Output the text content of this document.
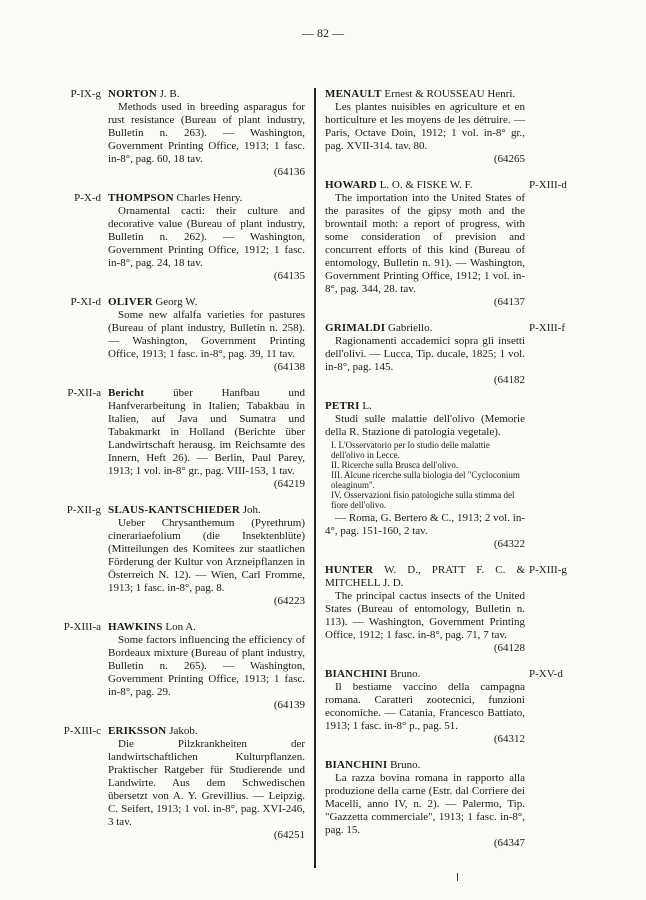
— 82 —
P-IX-g NORTON J. B.
Methods used in breeding asparagus for rust resistance (Bureau of plant industry, Bulletin n. 263). — Washington, Government Printing Office, 1913; 1 fasc. in-8°, pag. 60, 18 tav.
(64136
P-X-d THOMPSON Charles Henry.
Ornamental cacti: their culture and decorative value (Bureau of plant industry, Bulletin n. 262). — Washington, Government Printing Office, 1912; 1 fasc. in-8°, pag. 24, 18 tav.
(64135
P-XI-d OLIVER Georg W.
Some new alfalfa varieties for pastures (Bureau of plant industry, Bulletin n. 258). — Washington, Government Printing Office, 1913; 1 fasc. in-8°, pag. 39, 11 tav.
(64138
P-XII-a Bericht über Hanfbau und Hanfverarbeitung in Italien; Tabakbau in Italien, auf Java und Sumatra und Tabakmarkt in Holland (Berichte über Landwirtschaft herausg. im Reichsamte des Innern, Heft 26). — Berlin, Paul Parey, 1913; 1 vol. in-8° gr., pag. VIII-153, 1 tav.
(64219
P-XII-g SLAUS-KANTSCHIEDER Joh.
Ueber Chrysanthemum (Pyrethrum) cinerariaefolium (die Insektenblüte) (Mitteilungen des Komitees zur staatlichen Förderung der Kultur von Arzneipflanzen in Österreich N. 12). — Wien, Carl Fromme, 1913; 1 fasc. in-8°, pag. 8.
(64223
P-XIII-a HAWKINS Lon A.
Some factors influencing the efficiency of Bordeaux mixture (Bureau of plant industry, Bulletin n. 265). — Washington, Government Printing Office, 1913; 1 fasc. in-8°, pag. 29.
(64139
P-XIII-c ERIKSSON Jakob.
Die Pilzkrankheiten der landwirtschaftlichen Kulturpflanzen. Praktischer Ratgeber für Studierende und Landwirte. Aus dem Schwedischen übersetzt von A. Y. Grevillius. — Leipzig. C. Seifert, 1913; 1 vol. in-8°, pag. XVI-246, 3 tav.
(64251
MENAULT Ernest & ROUSSEAU Henri.
Les plantes nuisibles en agriculture et en horticulture et les moyens de les détruire. — Paris, Octave Doin, 1912; 1 vol. in-8° gr., pag. XVII-314. tav. 80.
(64265
P-XIII-d
HOWARD L. O. & FISKE W. F.
The importation into the United States of the parasites of the gipsy moth and the browntail moth: a report of progress, with some consideration of prevision and concurrent efforts of this kind (Bureau of entomology, Bulletin n. 91). — Washington, Government Printing Office, 1912; 1 vol. in-8°, pag. 344, 28. tav.
(64137
P-XIII-f
GRIMALDI Gabriello.
Ragionamenti accademici sopra gli insetti dell'olivi. — Lucca, Tip. ducale, 1825; 1 vol. in-8°, pag. 145.
(64182
PETRI L.
Studi sulle malattie dell'olivo (Memorie della R. Stazione di patologia vegetale).
I. L'Osservatorio per lo studio delle malattie dell'olivo in Lecce.
II. Ricerche sulla Brusca dell'olivo.
III. Alcune ricerche sulla biologia del "Cycloconium oleaginum".
IV. Osservazioni fisio patologiche sulla stimma del fiore dell'olivo.
— Roma, G. Bertero & C., 1913; 2 vol. in-4°, pag. 151-160, 2 tav.
(64322
P-XIII-g
HUNTER W. D., PRATT F. C. & MITCHELL J. D.
The principal cactus insects of the United States (Bureau of entomology, Bulletin n. 113). — Washington, Government Printing Office, 1912; 1 fasc. in-8°, pag. 71, 7 tav.
(64128
P-XV-d
BIANCHINI Bruno.
Il bestiame vaccino della campagna romana. Caratteri zootecnici, funzioni economiche. — Catania, Francesco Battiato, 1913; 1 fasc. in-8° p., pag. 51.
(64312
BIANCHINI Bruno.
La razza bovina romana in rapporto alla produzione della carne (Estr. dal Corriere dei Macelli, anno IV, n. 2). — Palermo, Tip. "Gazzetta commerciale", 1913; 1 fasc. in-8°, pag. 15.
(64347
